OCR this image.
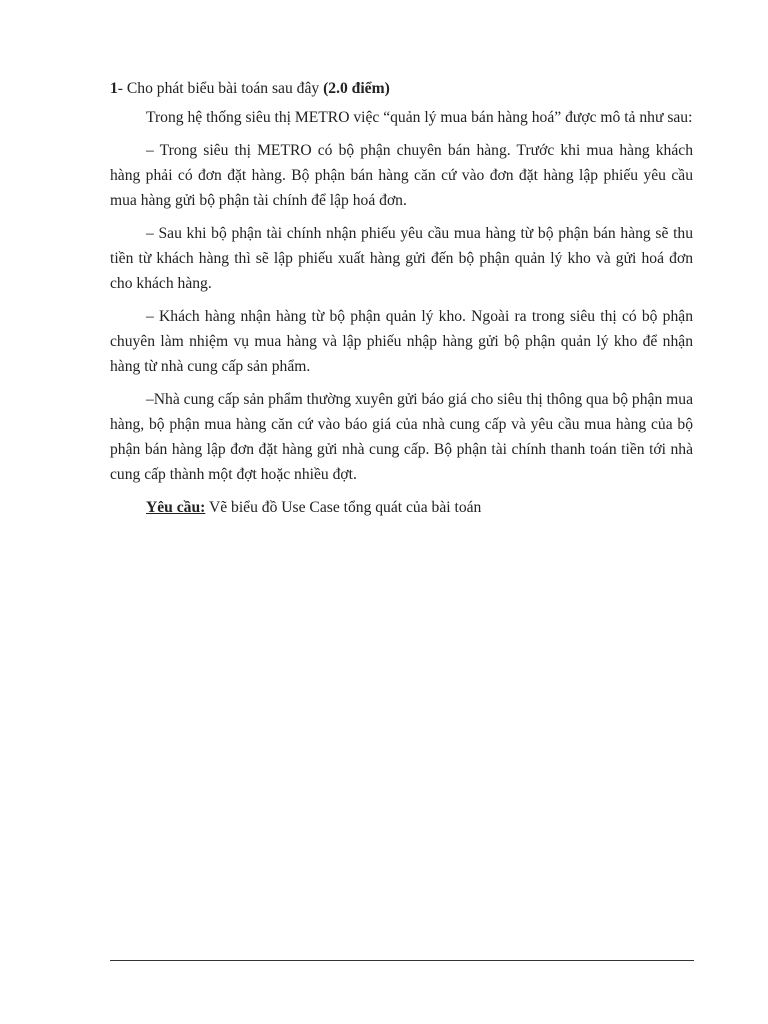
1- Cho phát biểu bài toán sau đây (2.0 điểm)

Trong hệ thống siêu thị METRO việc “quản lý mua bán hàng hoá” được mô tả như sau:

– Trong siêu thị METRO có bộ phận chuyên bán hàng. Trước khi mua hàng khách hàng phải có đơn đặt hàng. Bộ phận bán hàng căn cứ vào đơn đặt hàng lập phiếu yêu cầu mua hàng gửi bộ phận tài chính để lập hoá đơn.

– Sau khi bộ phận tài chính nhận phiếu yêu cầu mua hàng từ bộ phận bán hàng sẽ thu tiền từ khách hàng thì sẽ lập phiếu xuất hàng gửi đến bộ phận quản lý kho và gửi hoá đơn cho khách hàng.

– Khách hàng nhận hàng từ bộ phận quản lý kho. Ngoài ra trong siêu thị có bộ phận chuyên làm nhiệm vụ mua hàng và lập phiếu nhập hàng gửi bộ phận quản lý kho để nhận hàng từ nhà cung cấp sản phẩm.

–Nhà cung cấp sản phẩm thường xuyên gửi báo giá cho siêu thị thông qua bộ phận mua hàng, bộ phận mua hàng căn cứ vào báo giá của nhà cung cấp và yêu cầu mua hàng của bộ phận bán hàng lập đơn đặt hàng gửi nhà cung cấp. Bộ phận tài chính thanh toán tiền tới nhà cung cấp thành một đợt hoặc nhiều đợt.

Yêu cầu: Vẽ biểu đồ Use Case tổng quát của bài toán
